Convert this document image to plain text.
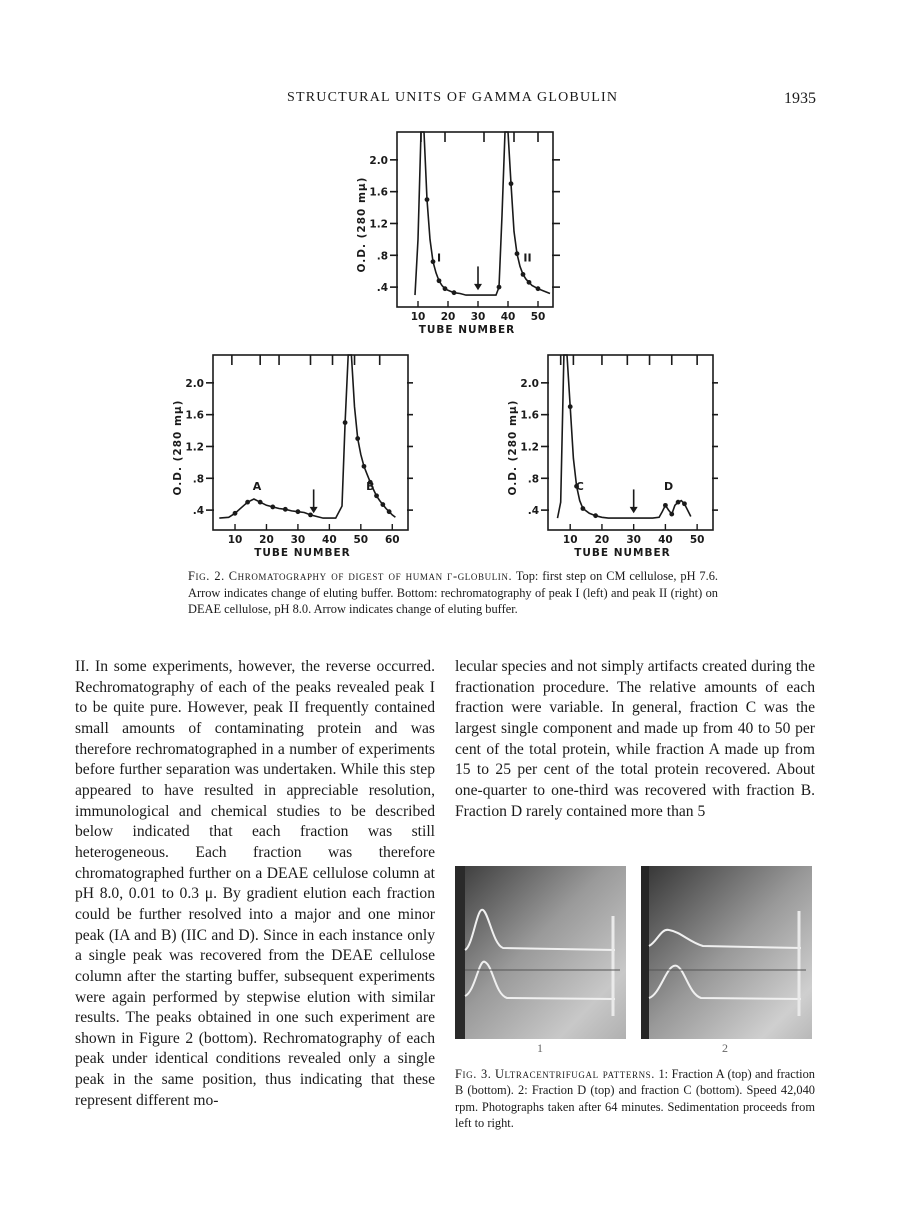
STRUCTURAL UNITS OF GAMMA GLOBULIN	1935
2.0
1.6
1.2
.8
.4
10 20 30 40 50
TUBE NUMBER
O.D. (280 mμ)	I	II
2.0
1.6
1.2
.8
.4
10 20 30 40 50 60
TUBE NUMBER
O.D. (280 mμ)	A	B
2.0
1.6
1.2
.8
.4
10 20 30 40 50
TUBE NUMBER
O.D. (280 mμ)	C	D
Fig. 2. Chromatography of digest of human γ-globulin. Top: first step on CM cellulose, pH 7.6. Arrow indicates change of eluting buffer. Bottom: rechromatography of peak I (left) and peak II (right) on DEAE cellulose, pH 8.0. Arrow indicates change of eluting buffer.

II. In some experiments, however, the reverse occurred. Rechromatography of each of the peaks revealed peak I to be quite pure. However, peak II frequently contained small amounts of contaminating protein and was therefore rechromatographed in a number of experiments before further separation was undertaken. While this step appeared to have resulted in appreciable resolution, immunological and chemical studies to be described below indicated that each fraction was still heterogeneous. Each fraction was therefore chromatographed further on a DEAE cellulose column at pH 8.0, 0.01 to 0.3 μ. By gradient elution each fraction could be further resolved into a major and one minor peak (IA and B) (IIC and D). Since in each instance only a single peak was recovered from the DEAE cellulose column after the starting buffer, subsequent experiments were again performed by stepwise elution with similar results. The peaks obtained in one such experiment are shown in Figure 2 (bottom). Rechromatography of each peak under identical conditions revealed only a single peak in the same position, thus indicating that these represent different mo-

lecular species and not simply artifacts created during the fractionation procedure. The relative amounts of each fraction were variable. In general, fraction C was the largest single component and made up from 40 to 50 per cent of the total protein, while fraction A made up from 15 to 25 per cent of the total protein recovered. About one-quarter to one-third was recovered with fraction B. Fraction D rarely contained more than 5

1	2
Fig. 3. Ultracentrifugal patterns. 1: Fraction A (top) and fraction B (bottom). 2: Fraction D (top) and fraction C (bottom). Speed 42,040 rpm. Photographs taken after 64 minutes. Sedimentation proceeds from left to right.
